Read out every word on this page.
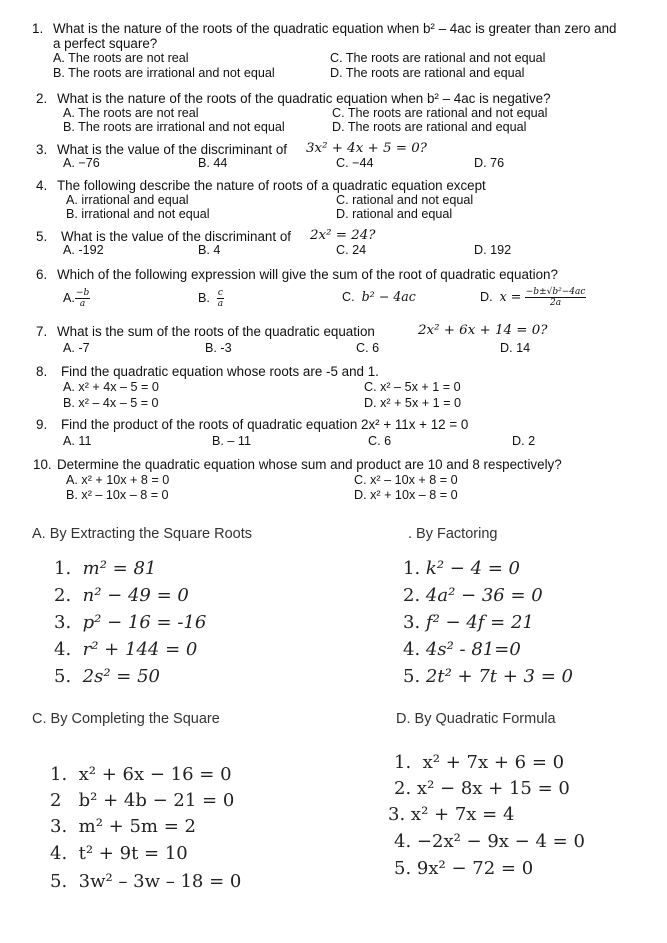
1. What is the nature of the roots of the quadratic equation when b² – 4ac is greater than zero and
a perfect square?
A. The roots are not real	C. The roots are rational and not equal
B. The roots are irrational and not equal	D. The roots are rational and equal
2. What is the nature of the roots of the quadratic equation when b² – 4ac is negative?
A. The roots are not real	C. The roots are rational and not equal
B. The roots are irrational and not equal	D. The roots are rational and equal
3. What is the value of the discriminant of 3x² + 4x + 5 = 0?
A. −76	B. 44	C. −44	D. 76
4. The following describe the nature of roots of a quadratic equation except
A. irrational and equal	C. rational and not equal
B. irrational and not equal	D. rational and equal
5. What is the value of the discriminant of 2x² = 24?
A. -192	B. 4	C. 24	D. 192
6. Which of the following expression will give the sum of the root of quadratic equation?
A. $\frac{-b}{a}$	B. $\frac{c}{a}$	C. b² − 4ac	D. $x = \frac{\text{−b±√b²−4ac}}{2a}$
7. What is the sum of the roots of the quadratic equation	2x² + 6x + 14 = 0?
A. -7	B. -3	C. 6	D. 14
8. Find the quadratic equation whose roots are -5 and 1.
A. x² + 4x – 5 = 0	C. x² – 5x + 1 = 0
B. x² – 4x – 5 = 0	D. x² + 5x + 1 = 0
9. Find the product of the roots of quadratic equation 2x² + 11x + 12 = 0
A. 11	B. – 11	C. 6	D. 2
10. Determine the quadratic equation whose sum and product are 10 and 8 respectively?
A. x² + 10x + 8 = 0	C. x² – 10x + 8 = 0
B. x² – 10x – 8 = 0	D. x² + 10x – 8 = 0
A. By Extracting the Square Roots
1. m² = 81
2. n² − 49 = 0
3. p² − 16 = -16
4. r² + 144 = 0
5. 2s² = 50
. By Factoring
1. k² − 4 = 0
2. 4a² − 36 = 0
3. f² − 4f = 21
4. 4s² - 81=0
5. 2t² + 7t + 3 = 0
C. By Completing the Square
1. x² + 6x − 16 = 0
2 b² + 4b − 21 = 0
3. m² + 5m = 2
4. t² + 9t = 10
5. 3w² – 3w – 18 = 0
D. By Quadratic Formula
1. x² + 7x + 6 = 0
2. x² − 8x + 15 = 0
3. x² + 7x = 4
4. −2x² − 9x − 4 = 0
5. 9x² − 72 = 0
